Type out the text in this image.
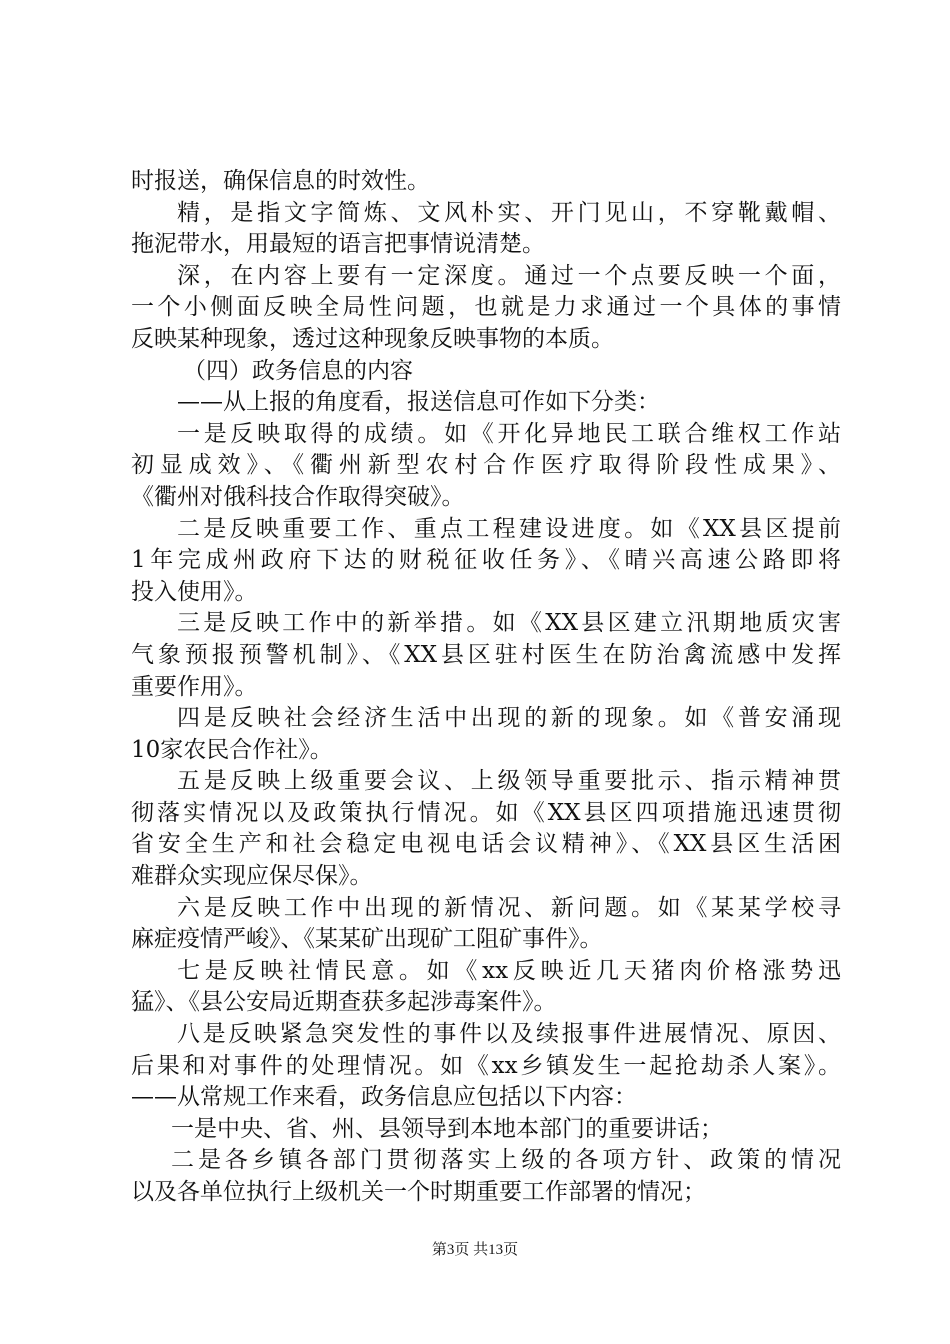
时报送，确保信息的时效性。
精，是指文字简炼、文风朴实、开门见山，不穿靴戴帽、
拖泥带水，用最短的语言把事情说清楚。
深，在内容上要有一定深度。通过一个点要反映一个面，
一个小侧面反映全局性问题，也就是力求通过一个具体的事情
反映某种现象，透过这种现象反映事物的本质。
（四）政务信息的内容
——从上报的角度看，报送信息可作如下分类：
一是反映取得的成绩。如《开化异地民工联合维权工作站
初显成效》、《衢州新型农村合作医疗取得阶段性成果》、
《衢州对俄科技合作取得突破》。
二是反映重要工作、重点工程建设进度。如《XX县区提前
1年完成州政府下达的财税征收任务》、《晴兴高速公路即将
投入使用》。
三是反映工作中的新举措。如《XX县区建立汛期地质灾害
气象预报预警机制》、《XX县区驻村医生在防治禽流感中发挥
重要作用》。
四是反映社会经济生活中出现的新的现象。如《普安涌现
10家农民合作社》。
五是反映上级重要会议、上级领导重要批示、指示精神贯
彻落实情况以及政策执行情况。如《XX县区四项措施迅速贯彻
省安全生产和社会稳定电视电话会议精神》、《XX县区生活困
难群众实现应保尽保》。
六是反映工作中出现的新情况、新问题。如《某某学校寻
麻症疫情严峻》、《某某矿出现矿工阻矿事件》。
七是反映社情民意。如《xx反映近几天猪肉价格涨势迅
猛》、《县公安局近期查获多起涉毒案件》。
八是反映紧急突发性的事件以及续报事件进展情况、原因、
后果和对事件的处理情况。如《xx乡镇发生一起抢劫杀人案》。
——从常规工作来看，政务信息应包括以下内容：
一是中央、省、州、县领导到本地本部门的重要讲话；
二是各乡镇各部门贯彻落实上级的各项方针、政策的情况
以及各单位执行上级机关一个时期重要工作部署的情况；
第3页 共13页
